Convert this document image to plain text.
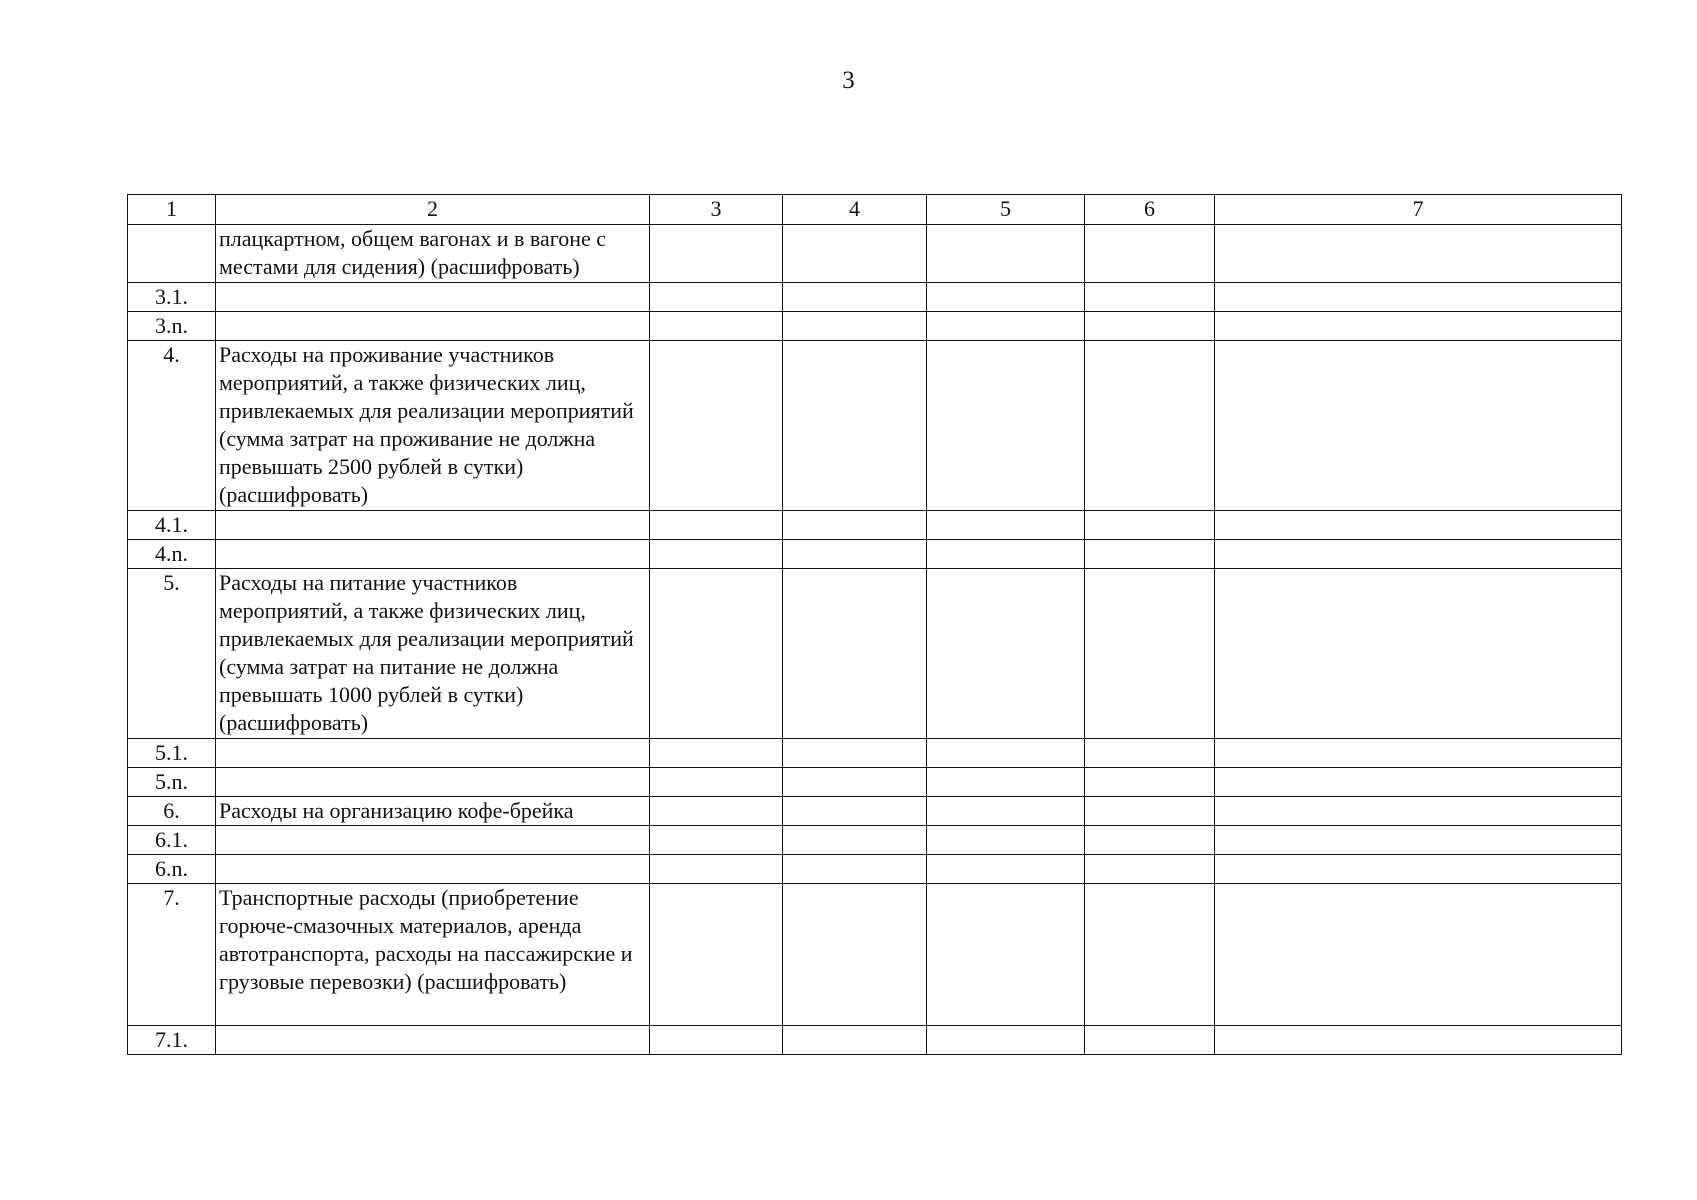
3
1	2	3	4	5	6	7
	плацкартном, общем вагонах и в вагоне с местами для сидения) (расшифровать)					
3.1.						
3.n.						
4.	Расходы на проживание участников мероприятий, а также физических лиц, привлекаемых для реализации мероприятий (сумма затрат на проживание не должна превышать 2500 рублей в сутки) (расшифровать)					
4.1.						
4.n.						
5.	Расходы на питание участников мероприятий, а также физических лиц, привлекаемых для реализации мероприятий (сумма затрат на питание не должна превышать 1000 рублей в сутки) (расшифровать)					
5.1.						
5.n.						
6.	Расходы на организацию кофе-брейка					
6.1.						
6.n.						
7.	Транспортные расходы (приобретение горюче-смазочных материалов, аренда автотранспорта, расходы на пассажирские и грузовые перевозки) (расшифровать)					
7.1.						
